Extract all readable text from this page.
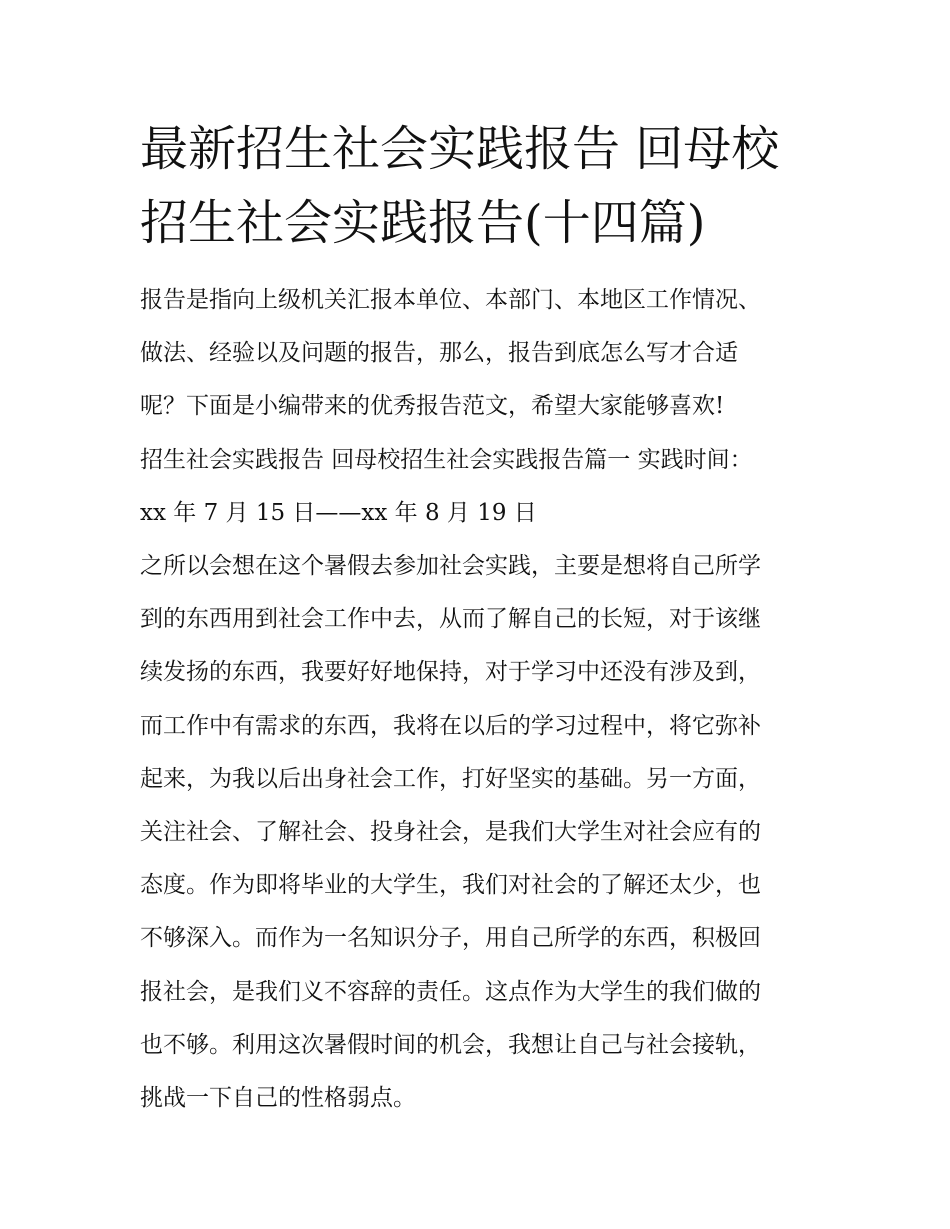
最新招生社会实践报告 回母校
招生社会实践报告(十四篇)
报告是指向上级机关汇报本单位、本部门、本地区工作情况、
做法、经验以及问题的报告，那么，报告到底怎么写才合适
呢？下面是小编带来的优秀报告范文，希望大家能够喜欢!
招生社会实践报告 回母校招生社会实践报告篇一 实践时间：
xx 年 7 月 15 日——xx 年 8 月 19 日
之所以会想在这个暑假去参加社会实践，主要是想将自己所学
到的东西用到社会工作中去，从而了解自己的长短，对于该继
续发扬的东西，我要好好地保持，对于学习中还没有涉及到，
而工作中有需求的东西，我将在以后的学习过程中，将它弥补
起来，为我以后出身社会工作，打好坚实的基础。另一方面，
关注社会、了解社会、投身社会，是我们大学生对社会应有的
态度。作为即将毕业的大学生，我们对社会的了解还太少，也
不够深入。而作为一名知识分子，用自己所学的东西，积极回
报社会，是我们义不容辞的责任。这点作为大学生的我们做的
也不够。利用这次暑假时间的机会，我想让自己与社会接轨，
挑战一下自己的性格弱点。
